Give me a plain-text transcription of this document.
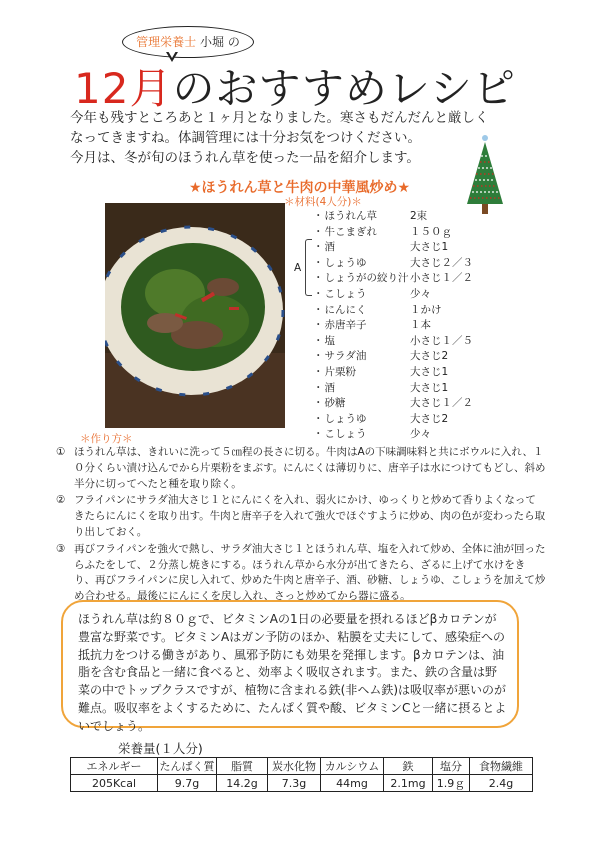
管理栄養士 小堀 の
12月のおすすめレシピ
今年も残すところあと１ヶ月となりました。寒さもだんだんと厳しく
なってきますね。体調管理には十分お気をつけください。
今月は、冬が旬のほうれん草を使った一品を紹介します。
★ほうれん草と牛肉の中華風炒め★
＊材料(4人分)＊
A
・ ほうれん草	2束
・ 牛こまぎれ	１５０ｇ
・ 酒	大さじ1
・ しょうゆ	大さじ２／３
・ しょうがの絞り汁 小さじ１／２
・ こしょう	少々
・ にんにく	１かけ
・ 赤唐辛子	１本
・ 塩	小さじ１／５
・ サラダ油	大さじ2
・ 片栗粉	大さじ1
・ 酒	大さじ1
・ 砂糖	大さじ１／２
・ しょうゆ	大さじ2
・ こしょう	少々
＊作り方＊
① ほうれん草は、きれいに洗って５㎝程の長さに切る。牛肉はAの下味調味料と共にボウルに入れ、１０分くらい漬け込んでから片栗粉をまぶす。にんにくは薄切りに、唐辛子は水につけてもどし、斜め半分に切ってへたと種を取り除く。
② フライパンにサラダ油大さじ１とにんにくを入れ、弱火にかけ、ゆっくりと炒めて香りよくなってきたらにんにくを取り出す。牛肉と唐辛子を入れて強火でほぐすように炒め、肉の色が変わったら取り出しておく。
③ 再びフライパンを強火で熱し、サラダ油大さじ１とほうれん草、塩を入れて炒め、全体に油が回ったらふたをして、２分蒸し焼きにする。ほうれん草から水分が出てきたら、ざるに上げて水けをきり、再びフライパンに戻し入れて、炒めた牛肉と唐辛子、酒、砂糖、しょうゆ、こしょうを加えて炒め合わせる。最後ににんにくを戻し入れ、さっと炒めてから器に盛る。
ほうれん草は約８０ｇで、ビタミンAの1日の必要量を摂れるほどβカロテンが豊富な野菜です。ビタミンAはガン予防のほか、粘膜を丈夫にして、感染症への抵抗力をつける働きがあり、風邪予防にも効果を発揮します。βカロテンは、油脂を含む食品と一緒に食べると、効率よく吸収されます。また、鉄の含量は野菜の中でトップクラスですが、植物に含まれる鉄(非ヘム鉄)は吸収率が悪いのが難点。吸収率をよくするために、たんぱく質や酸、ビタミンCと一緒に摂るとよいでしょう。
栄養量(１人分)
エネルギー	たんぱく質	脂質	炭水化物	カルシウム	鉄	塩分	食物繊維
205Kcal	9.7g	14.2g	7.3g	44mg	2.1mg	1.9ｇ	2.4g
